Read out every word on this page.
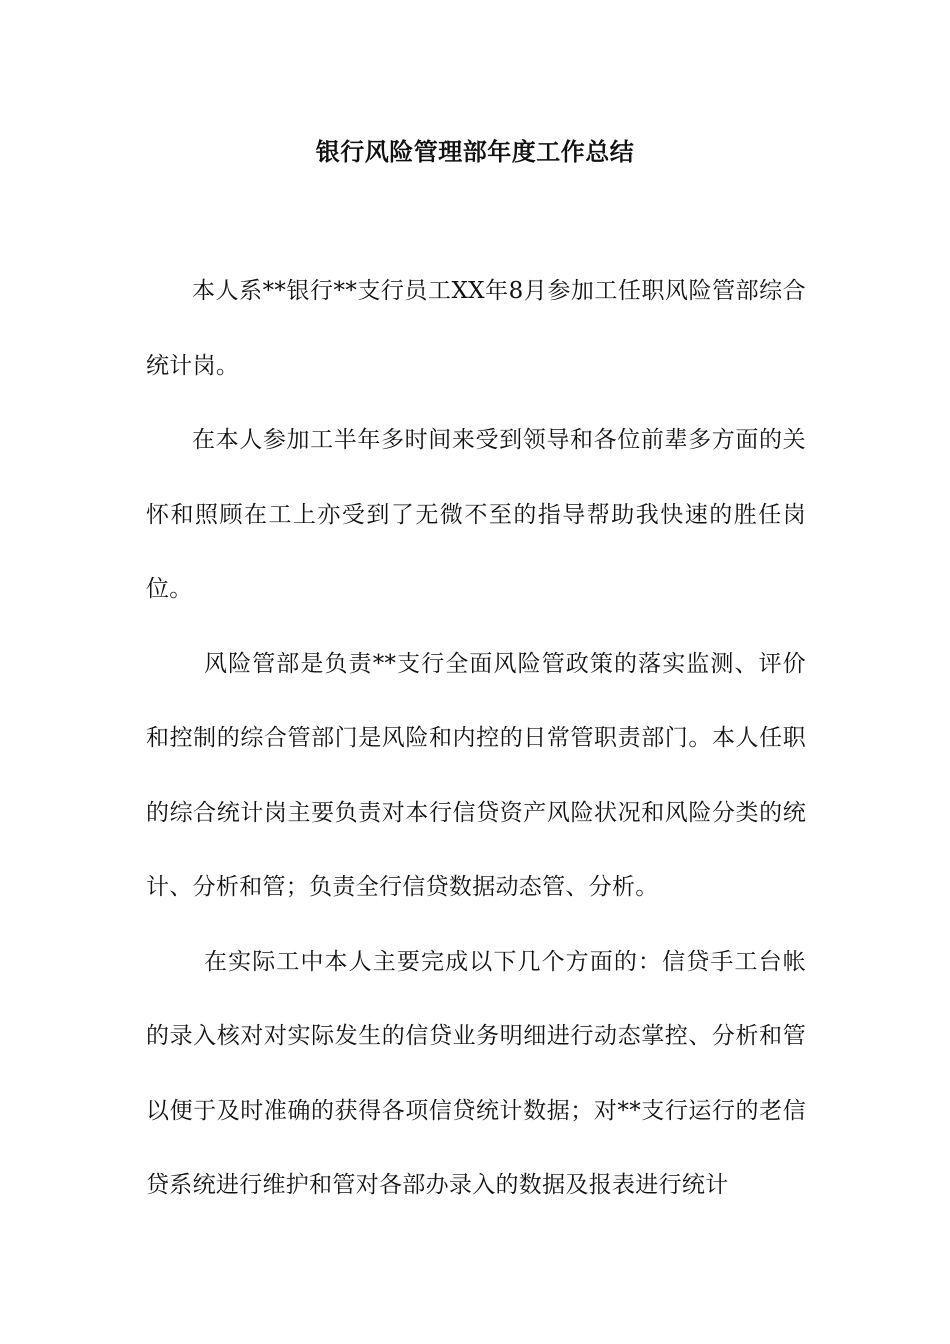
银行风险管理部年度工作总结

本人系**银行**支行员工XX年8月参加工任职风险管部综合统计岗。

在本人参加工半年多时间来受到领导和各位前辈多方面的关怀和照顾在工上亦受到了无微不至的指导帮助我快速的胜任岗位。

风险管部是负责**支行全面风险管政策的落实监测、评价和控制的综合管部门是风险和内控的日常管职责部门。本人任职的综合统计岗主要负责对本行信贷资产风险状况和风险分类的统计、分析和管；负责全行信贷数据动态管、分析。

在实际工中本人主要完成以下几个方面的：信贷手工台帐的录入核对对实际发生的信贷业务明细进行动态掌控、分析和管以便于及时准确的获得各项信贷统计数据；对**支行运行的老信贷系统进行维护和管对各部办录入的数据及报表进行统计
